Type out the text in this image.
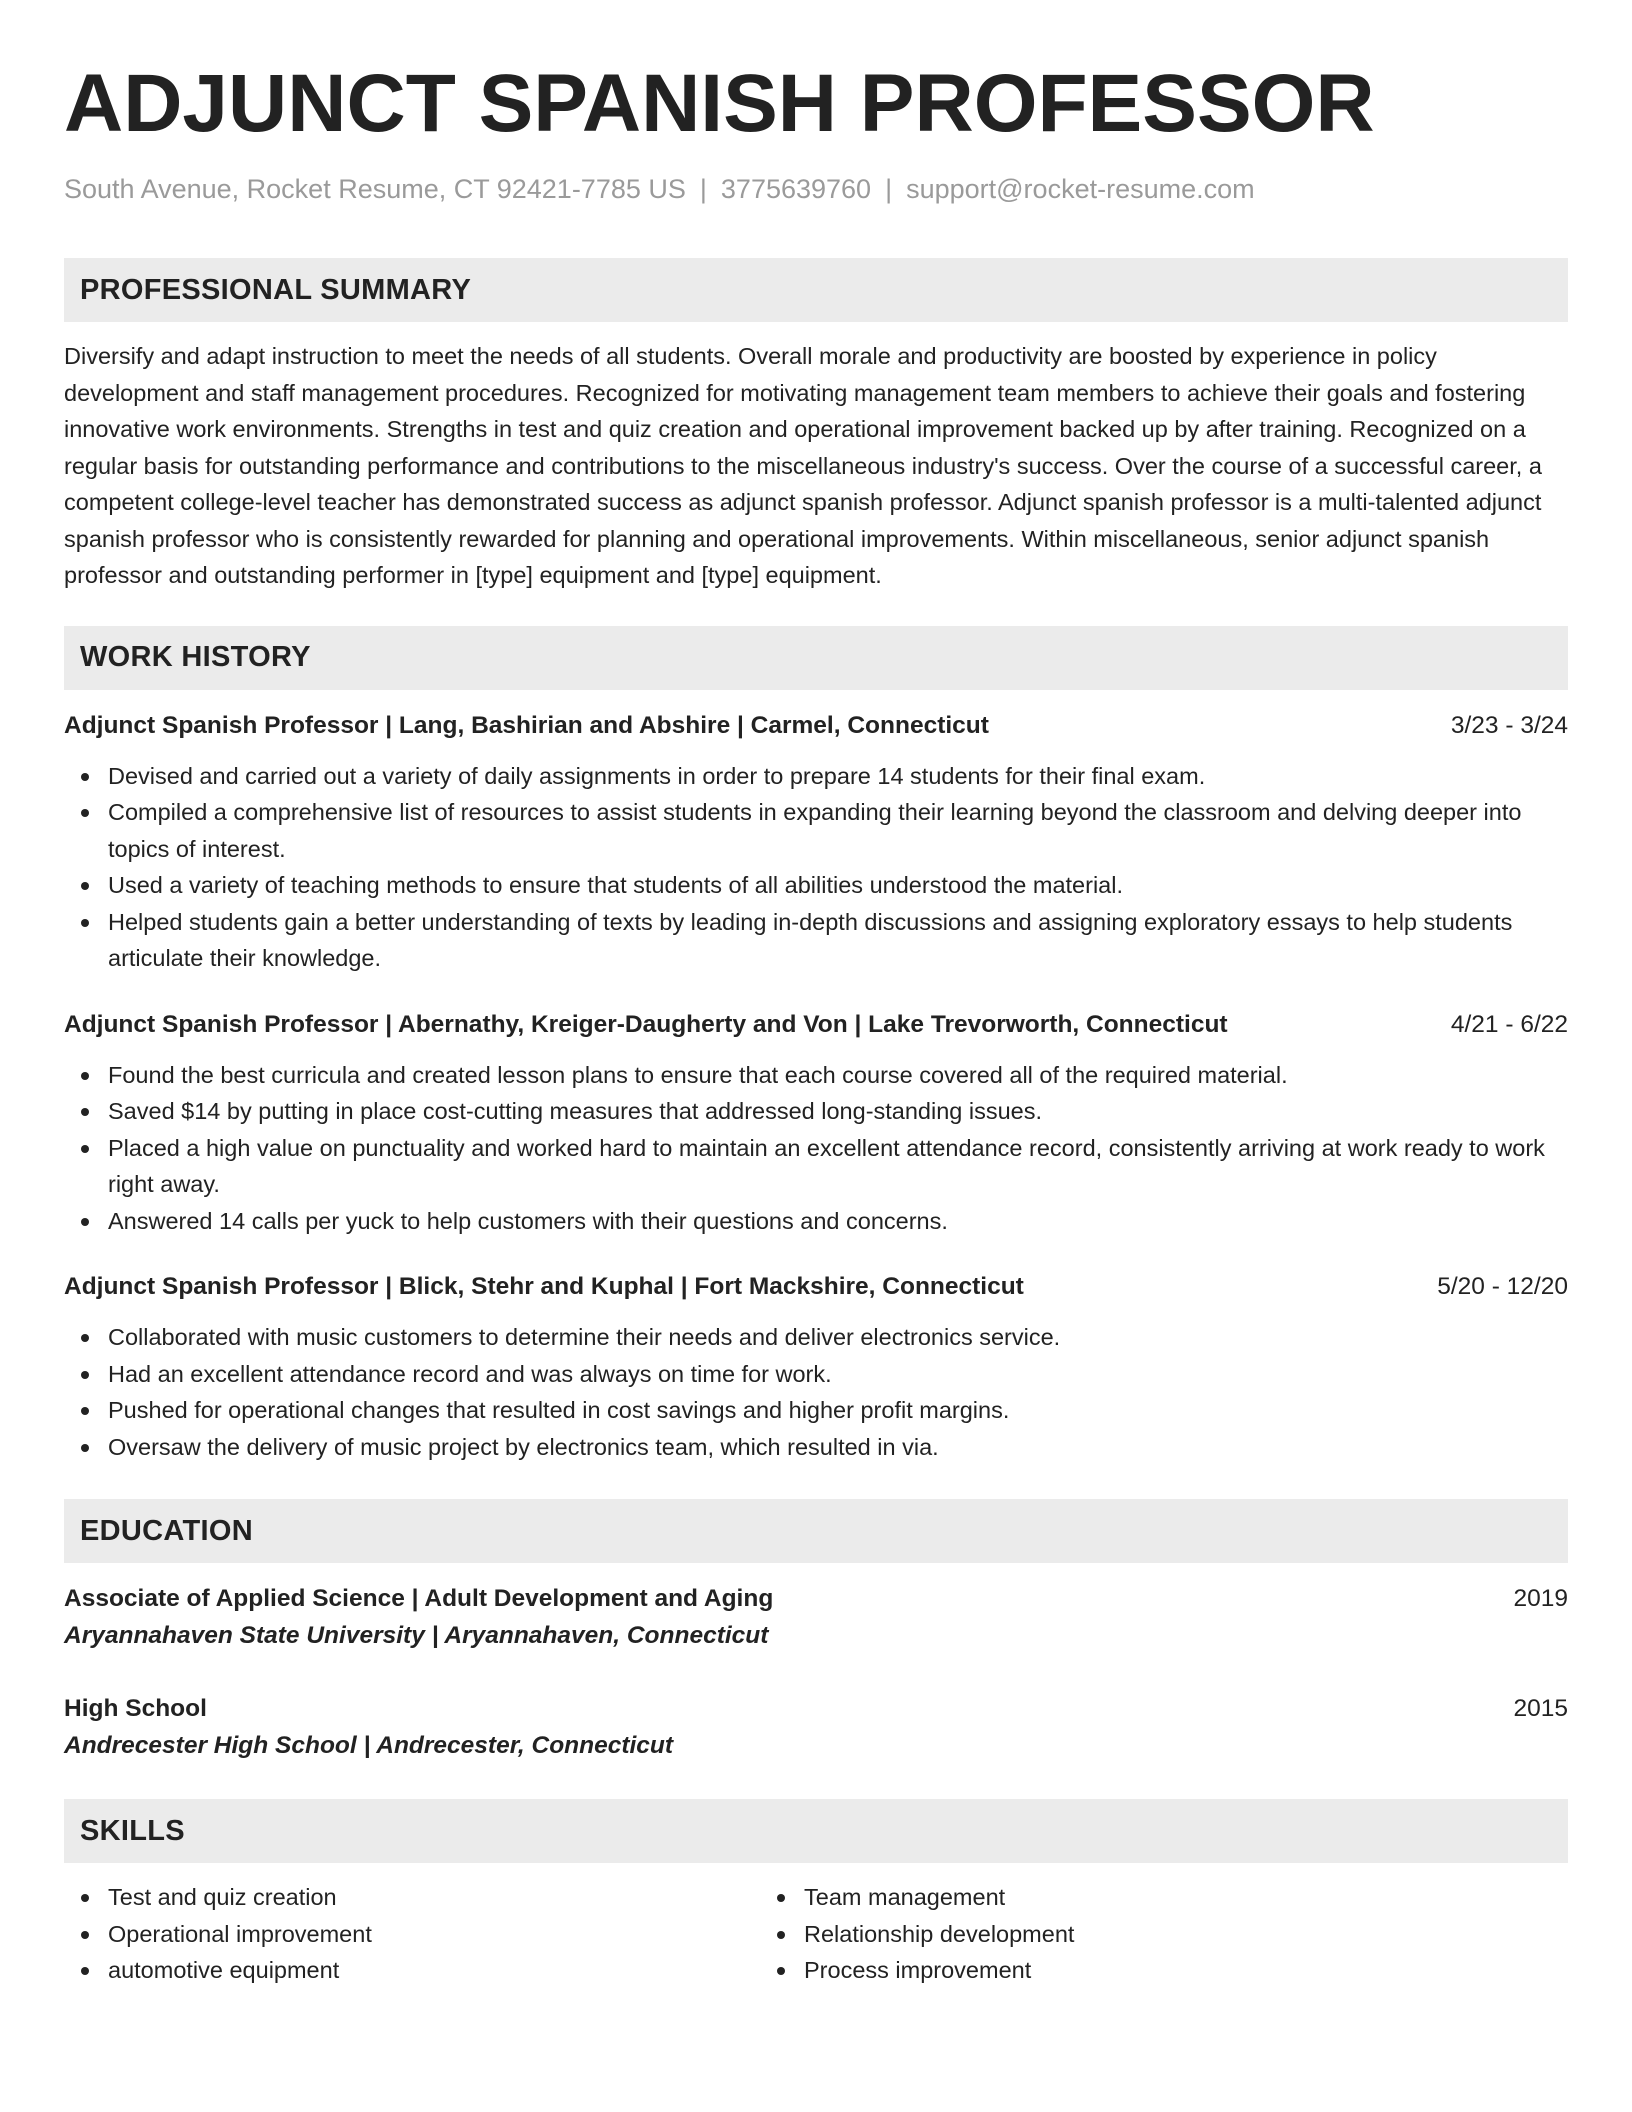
ADJUNCT SPANISH PROFESSOR
South Avenue, Rocket Resume, CT 92421-7785 US | 3775639760 | support@rocket-resume.com
PROFESSIONAL SUMMARY
Diversify and adapt instruction to meet the needs of all students. Overall morale and productivity are boosted by experience in policy development and staff management procedures. Recognized for motivating management team members to achieve their goals and fostering innovative work environments. Strengths in test and quiz creation and operational improvement backed up by after training. Recognized on a regular basis for outstanding performance and contributions to the miscellaneous industry's success. Over the course of a successful career, a competent college-level teacher has demonstrated success as adjunct spanish professor. Adjunct spanish professor is a multi-talented adjunct spanish professor who is consistently rewarded for planning and operational improvements. Within miscellaneous, senior adjunct spanish professor and outstanding performer in [type] equipment and [type] equipment.
WORK HISTORY
Adjunct Spanish Professor | Lang, Bashirian and Abshire | Carmel, Connecticut	3/23 - 3/24
Devised and carried out a variety of daily assignments in order to prepare 14 students for their final exam.
Compiled a comprehensive list of resources to assist students in expanding their learning beyond the classroom and delving deeper into topics of interest.
Used a variety of teaching methods to ensure that students of all abilities understood the material.
Helped students gain a better understanding of texts by leading in-depth discussions and assigning exploratory essays to help students articulate their knowledge.
Adjunct Spanish Professor | Abernathy, Kreiger-Daugherty and Von | Lake Trevorworth, Connecticut	4/21 - 6/22
Found the best curricula and created lesson plans to ensure that each course covered all of the required material.
Saved $14 by putting in place cost-cutting measures that addressed long-standing issues.
Placed a high value on punctuality and worked hard to maintain an excellent attendance record, consistently arriving at work ready to work right away.
Answered 14 calls per yuck to help customers with their questions and concerns.
Adjunct Spanish Professor | Blick, Stehr and Kuphal | Fort Mackshire, Connecticut	5/20 - 12/20
Collaborated with music customers to determine their needs and deliver electronics service.
Had an excellent attendance record and was always on time for work.
Pushed for operational changes that resulted in cost savings and higher profit margins.
Oversaw the delivery of music project by electronics team, which resulted in via.
EDUCATION
Associate of Applied Science | Adult Development and Aging	2019
Aryannahaven State University | Aryannahaven, Connecticut
High School	2015
Andrecester High School | Andrecester, Connecticut
SKILLS
Test and quiz creation
Operational improvement
automotive equipment
Team management
Relationship development
Process improvement
